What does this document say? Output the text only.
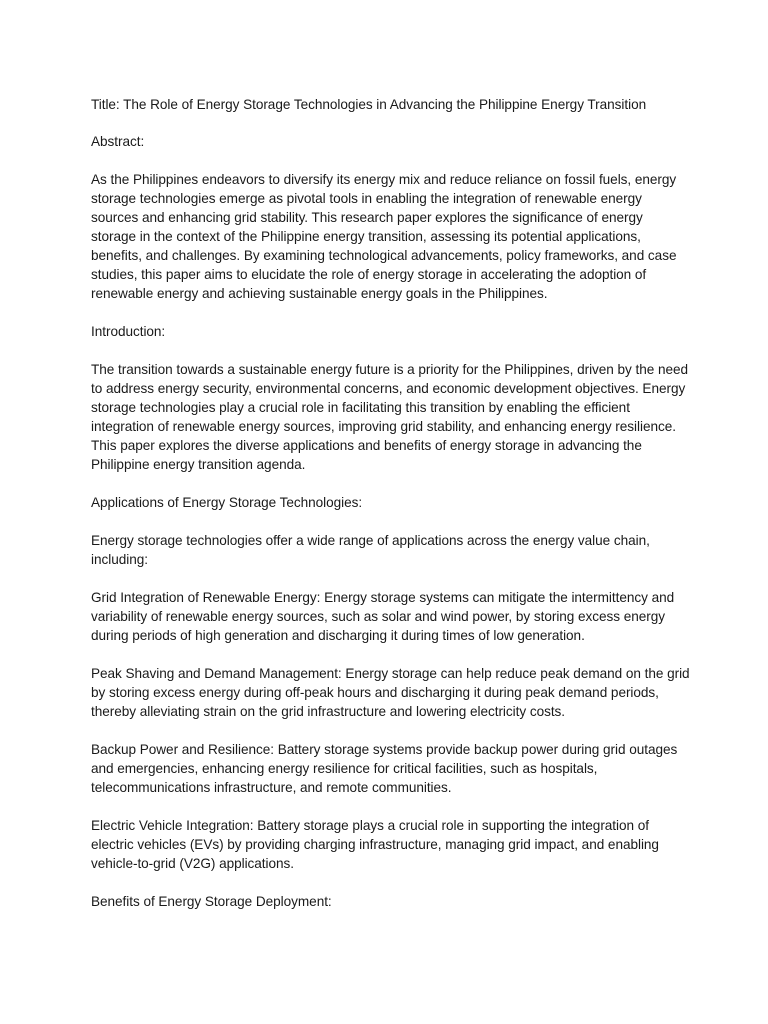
Title: The Role of Energy Storage Technologies in Advancing the Philippine Energy Transition

Abstract:

As the Philippines endeavors to diversify its energy mix and reduce reliance on fossil fuels, energy storage technologies emerge as pivotal tools in enabling the integration of renewable energy sources and enhancing grid stability. This research paper explores the significance of energy storage in the context of the Philippine energy transition, assessing its potential applications, benefits, and challenges. By examining technological advancements, policy frameworks, and case studies, this paper aims to elucidate the role of energy storage in accelerating the adoption of renewable energy and achieving sustainable energy goals in the Philippines.

Introduction:

The transition towards a sustainable energy future is a priority for the Philippines, driven by the need to address energy security, environmental concerns, and economic development objectives. Energy storage technologies play a crucial role in facilitating this transition by enabling the efficient integration of renewable energy sources, improving grid stability, and enhancing energy resilience. This paper explores the diverse applications and benefits of energy storage in advancing the Philippine energy transition agenda.

Applications of Energy Storage Technologies:

Energy storage technologies offer a wide range of applications across the energy value chain, including:

Grid Integration of Renewable Energy: Energy storage systems can mitigate the intermittency and variability of renewable energy sources, such as solar and wind power, by storing excess energy during periods of high generation and discharging it during times of low generation.

Peak Shaving and Demand Management: Energy storage can help reduce peak demand on the grid by storing excess energy during off-peak hours and discharging it during peak demand periods, thereby alleviating strain on the grid infrastructure and lowering electricity costs.

Backup Power and Resilience: Battery storage systems provide backup power during grid outages and emergencies, enhancing energy resilience for critical facilities, such as hospitals, telecommunications infrastructure, and remote communities.

Electric Vehicle Integration: Battery storage plays a crucial role in supporting the integration of electric vehicles (EVs) by providing charging infrastructure, managing grid impact, and enabling vehicle-to-grid (V2G) applications.

Benefits of Energy Storage Deployment:
